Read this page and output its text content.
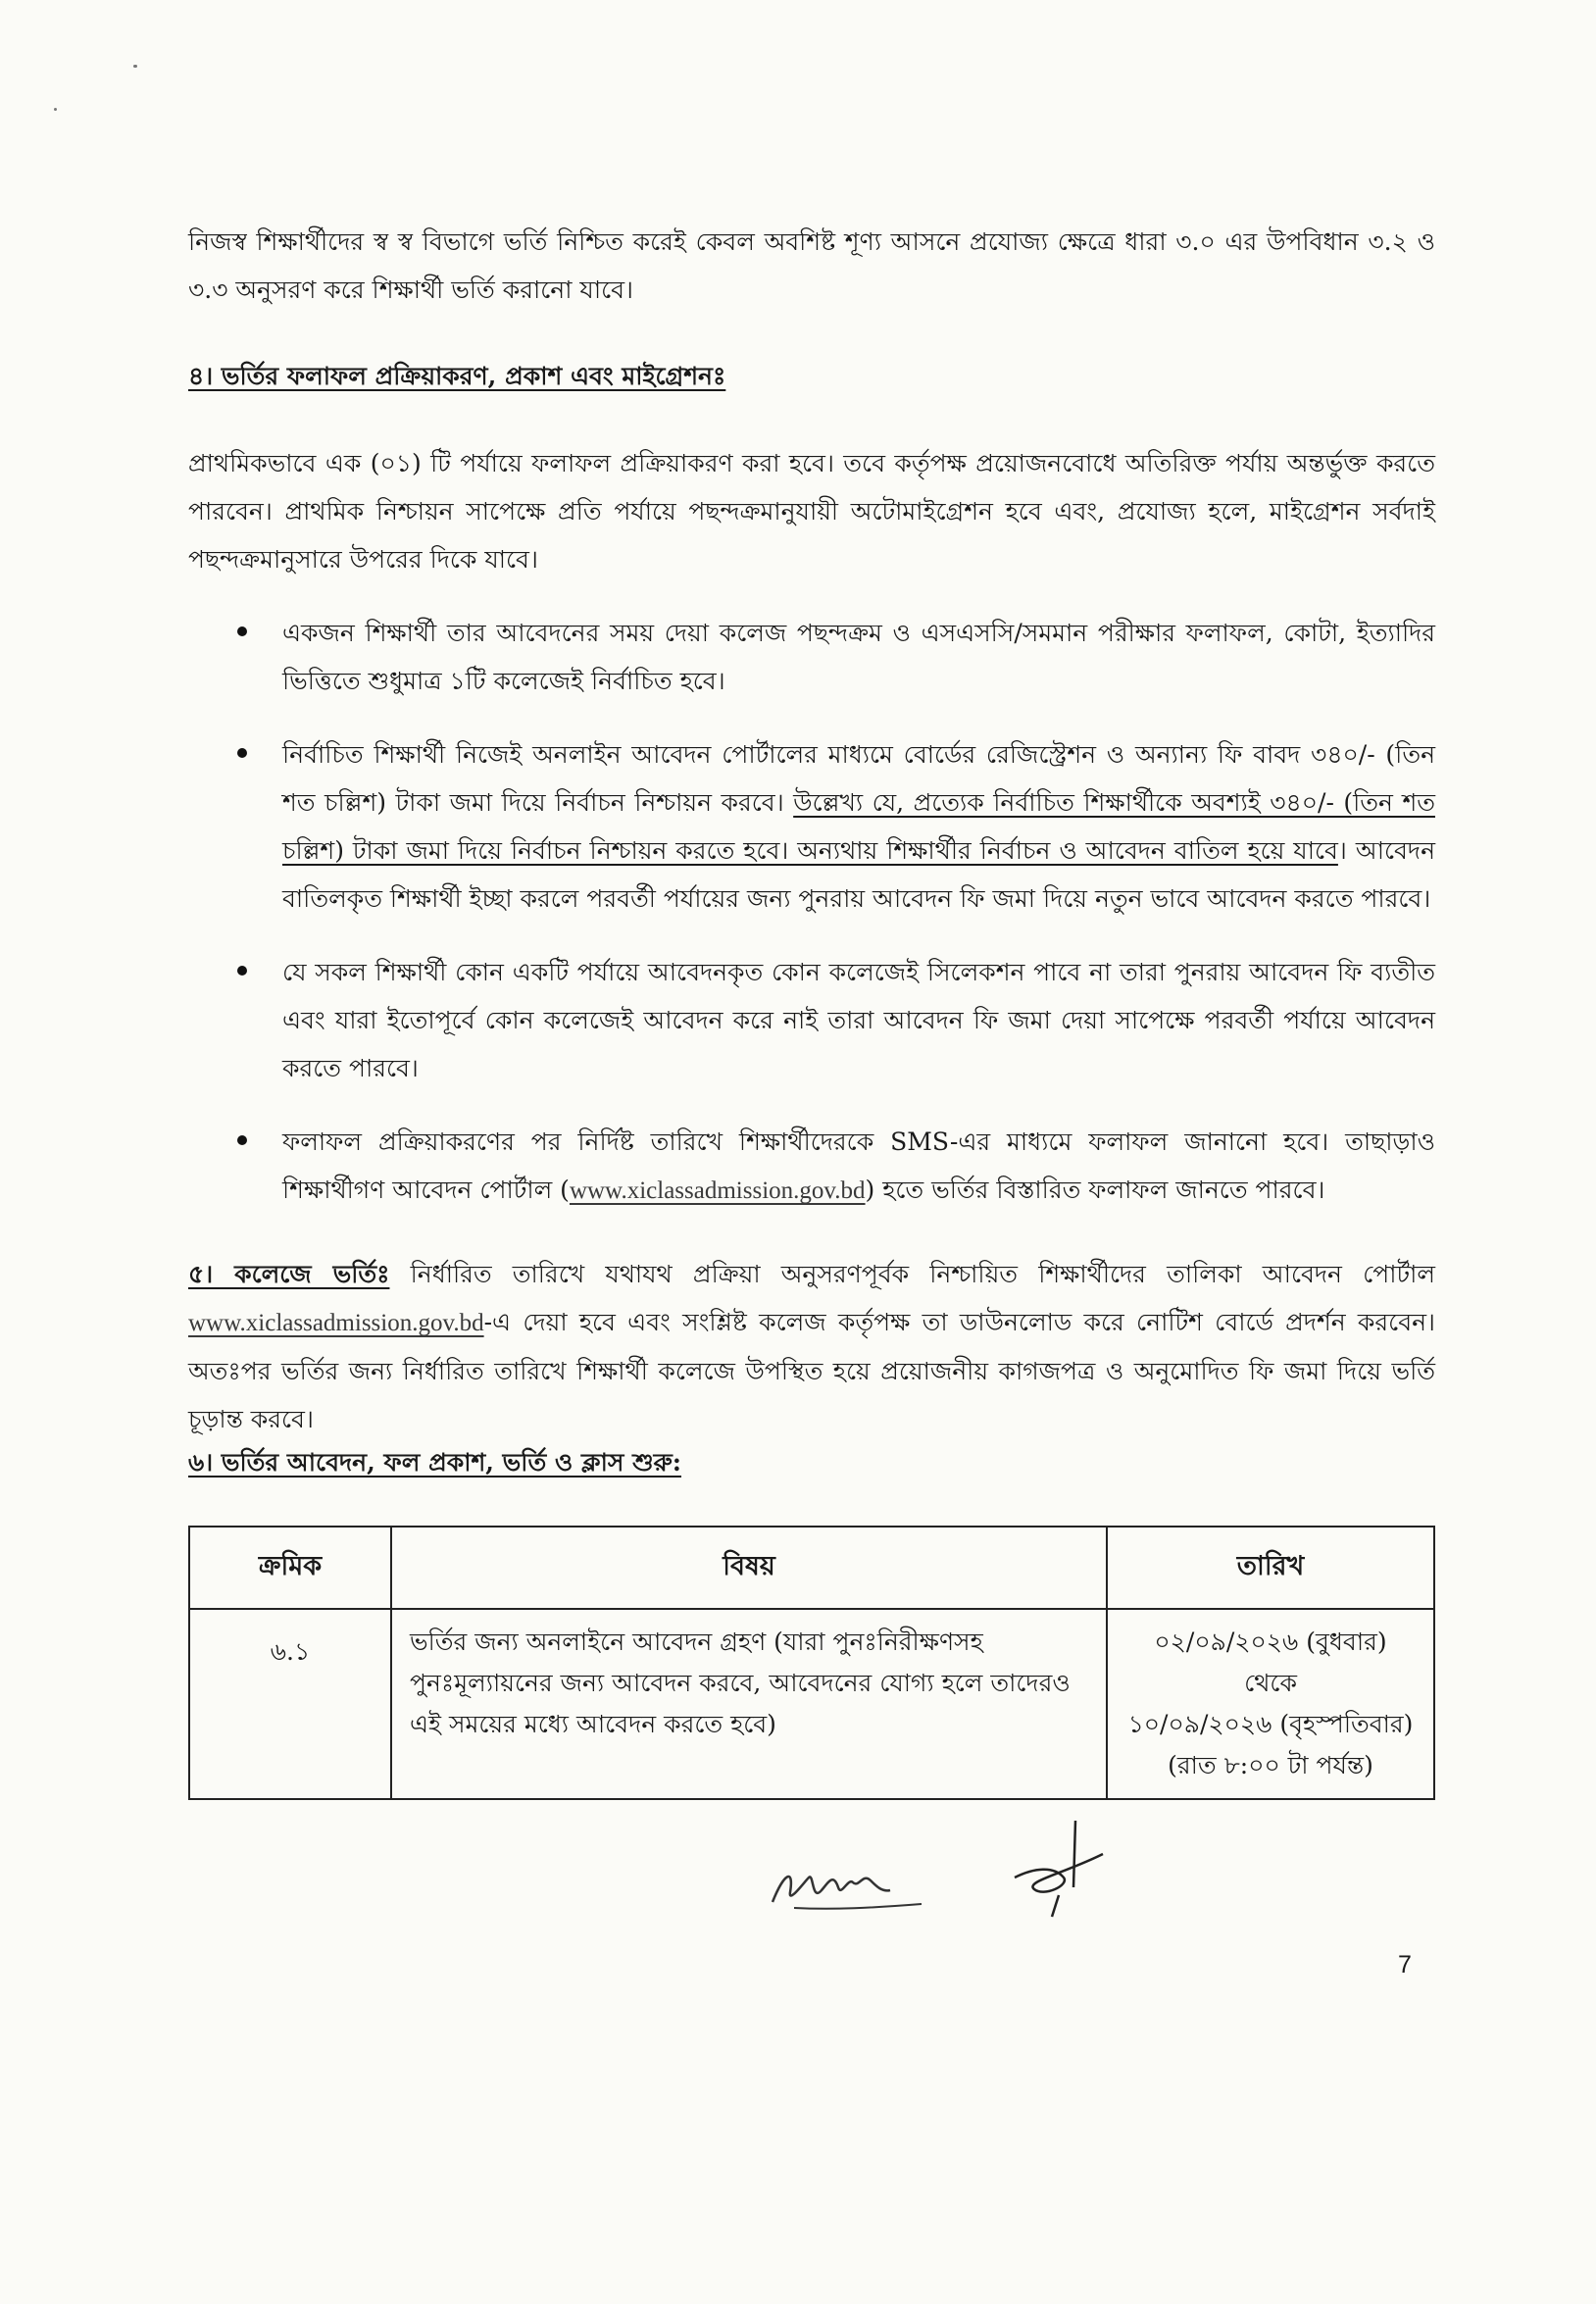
নিজস্ব শিক্ষার্থীদের স্ব স্ব বিভাগে ভর্তি নিশ্চিত করেই কেবল অবশিষ্ট শূণ্য আসনে প্রযোজ্য ক্ষেত্রে ধারা ৩.০ এর উপবিধান ৩.২ ও ৩.৩ অনুসরণ করে শিক্ষার্থী ভর্তি করানো যাবে।

৪। ভর্তির ফলাফল প্রক্রিয়াকরণ, প্রকাশ এবং মাইগ্রেশনঃ

প্রাথমিকভাবে এক (০১) টি পর্যায়ে ফলাফল প্রক্রিয়াকরণ করা হবে। তবে কর্তৃপক্ষ প্রয়োজনবোধে অতিরিক্ত পর্যায় অন্তর্ভুক্ত করতে পারবেন। প্রাথমিক নিশ্চায়ন সাপেক্ষে প্রতি পর্যায়ে পছন্দক্রমানুযায়ী অটোমাইগ্রেশন হবে এবং, প্রযোজ্য হলে, মাইগ্রেশন সর্বদাই পছন্দক্রমানুসারে উপরের দিকে যাবে।

একজন শিক্ষার্থী তার আবেদনের সময় দেয়া কলেজ পছন্দক্রম ও এসএসসি/সমমান পরীক্ষার ফলাফল, কোটা, ইত্যাদির ভিত্তিতে শুধুমাত্র ১টি কলেজেই নির্বাচিত হবে।

নির্বাচিত শিক্ষার্থী নিজেই অনলাইন আবেদন পোর্টালের মাধ্যমে বোর্ডের রেজিস্ট্রেশন ও অন্যান্য ফি বাবদ ৩৪০/- (তিন শত চল্লিশ) টাকা জমা দিয়ে নির্বাচন নিশ্চায়ন করবে। উল্লেখ্য যে, প্রত্যেক নির্বাচিত শিক্ষার্থীকে অবশ্যই ৩৪০/- (তিন শত চল্লিশ) টাকা জমা দিয়ে নির্বাচন নিশ্চায়ন করতে হবে। অন্যথায় শিক্ষার্থীর নির্বাচন ও আবেদন বাতিল হয়ে যাবে। আবেদন বাতিলকৃত শিক্ষার্থী ইচ্ছা করলে পরবর্তী পর্যায়ের জন্য পুনরায় আবেদন ফি জমা দিয়ে নতুন ভাবে আবেদন করতে পারবে।

যে সকল শিক্ষার্থী কোন একটি পর্যায়ে আবেদনকৃত কোন কলেজেই সিলেকশন পাবে না তারা পুনরায় আবেদন ফি ব্যতীত এবং যারা ইতোপূর্বে কোন কলেজেই আবেদন করে নাই তারা আবেদন ফি জমা দেয়া সাপেক্ষে পরবর্তী পর্যায়ে আবেদন করতে পারবে।

ফলাফল প্রক্রিয়াকরণের পর নির্দিষ্ট তারিখে শিক্ষার্থীদেরকে SMS-এর মাধ্যমে ফলাফল জানানো হবে। তাছাড়াও শিক্ষার্থীগণ আবেদন পোর্টাল (www.xiclassadmission.gov.bd) হতে ভর্তির বিস্তারিত ফলাফল জানতে পারবে।

৫। কলেজে ভর্তিঃ নির্ধারিত তারিখে যথাযথ প্রক্রিয়া অনুসরণপূর্বক নিশ্চায়িত শিক্ষার্থীদের তালিকা আবেদন পোর্টাল www.xiclassadmission.gov.bd-এ দেয়া হবে এবং সংশ্লিষ্ট কলেজ কর্তৃপক্ষ তা ডাউনলোড করে নোটিশ বোর্ডে প্রদর্শন করবেন। অতঃপর ভর্তির জন্য নির্ধারিত তারিখে শিক্ষার্থী কলেজে উপস্থিত হয়ে প্রয়োজনীয় কাগজপত্র ও অনুমোদিত ফি জমা দিয়ে ভর্তি চূড়ান্ত করবে।

৬। ভর্তির আবেদন, ফল প্রকাশ, ভর্তি ও ক্লাস শুরু:
ক্রমিক	বিষয়	তারিখ
৬.১	ভর্তির জন্য অনলাইনে আবেদন গ্রহণ (যারা পুনঃনিরীক্ষণসহ পুনঃমূল্যায়নের জন্য আবেদন করবে, আবেদনের যোগ্য হলে তাদেরও এই সময়ের মধ্যে আবেদন করতে হবে)	০২/০৯/২০২৬ (বুধবার) থেকে
১০/০৯/২০২৬ (বৃহস্পতিবার)
(রাত ৮:০০ টা পর্যন্ত)
7
